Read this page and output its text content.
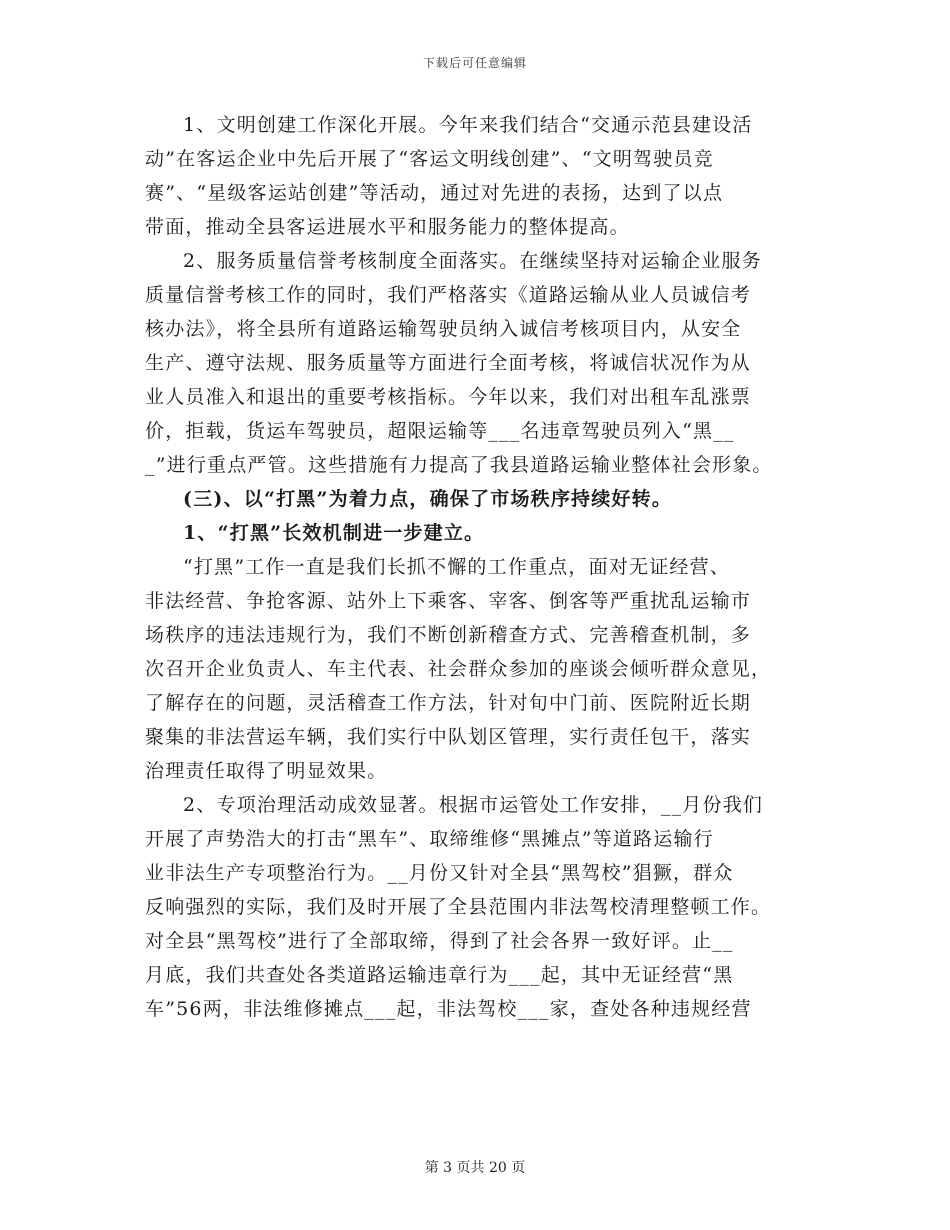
下载后可任意编辑
1、文明创建工作深化开展。今年来我们结合“交通示范县建设活
动”在客运企业中先后开展了“客运文明线创建”、“文明驾驶员竞
赛”、“星级客运站创建”等活动，通过对先进的表扬，达到了以点
带面，推动全县客运进展水平和服务能力的整体提高。
2、服务质量信誉考核制度全面落实。在继续坚持对运输企业服务
质量信誉考核工作的同时，我们严格落实《道路运输从业人员诚信考
核办法》，将全县所有道路运输驾驶员纳入诚信考核项目内，从安全
生产、遵守法规、服务质量等方面进行全面考核，将诚信状况作为从
业人员准入和退出的重要考核指标。今年以来，我们对出租车乱涨票
价，拒载，货运车驾驶员，超限运输等___名违章驾驶员列入“黑__
_”进行重点严管。这些措施有力提高了我县道路运输业整体社会形象。
(三)、以“打黑”为着力点，确保了市场秩序持续好转。
1、“打黑”长效机制进一步建立。
“打黑”工作一直是我们长抓不懈的工作重点，面对无证经营、
非法经营、争抢客源、站外上下乘客、宰客、倒客等严重扰乱运输市
场秩序的违法违规行为，我们不断创新稽查方式、完善稽查机制，多
次召开企业负责人、车主代表、社会群众参加的座谈会倾听群众意见，
了解存在的问题，灵活稽查工作方法，针对旬中门前、医院附近长期
聚集的非法营运车辆，我们实行中队划区管理，实行责任包干，落实
治理责任取得了明显效果。
2、专项治理活动成效显著。根据市运管处工作安排，__月份我们
开展了声势浩大的打击“黑车”、取缔维修“黑摊点”等道路运输行
业非法生产专项整治行为。__月份又针对全县“黑驾校”猖獗，群众
反响强烈的实际，我们及时开展了全县范围内非法驾校清理整顿工作。
对全县“黑驾校”进行了全部取缔，得到了社会各界一致好评。止__
月底，我们共查处各类道路运输违章行为___起，其中无证经营“黑
车”56两，非法维修摊点___起，非法驾校___家，查处各种违规经营
第 3 页共 20 页
